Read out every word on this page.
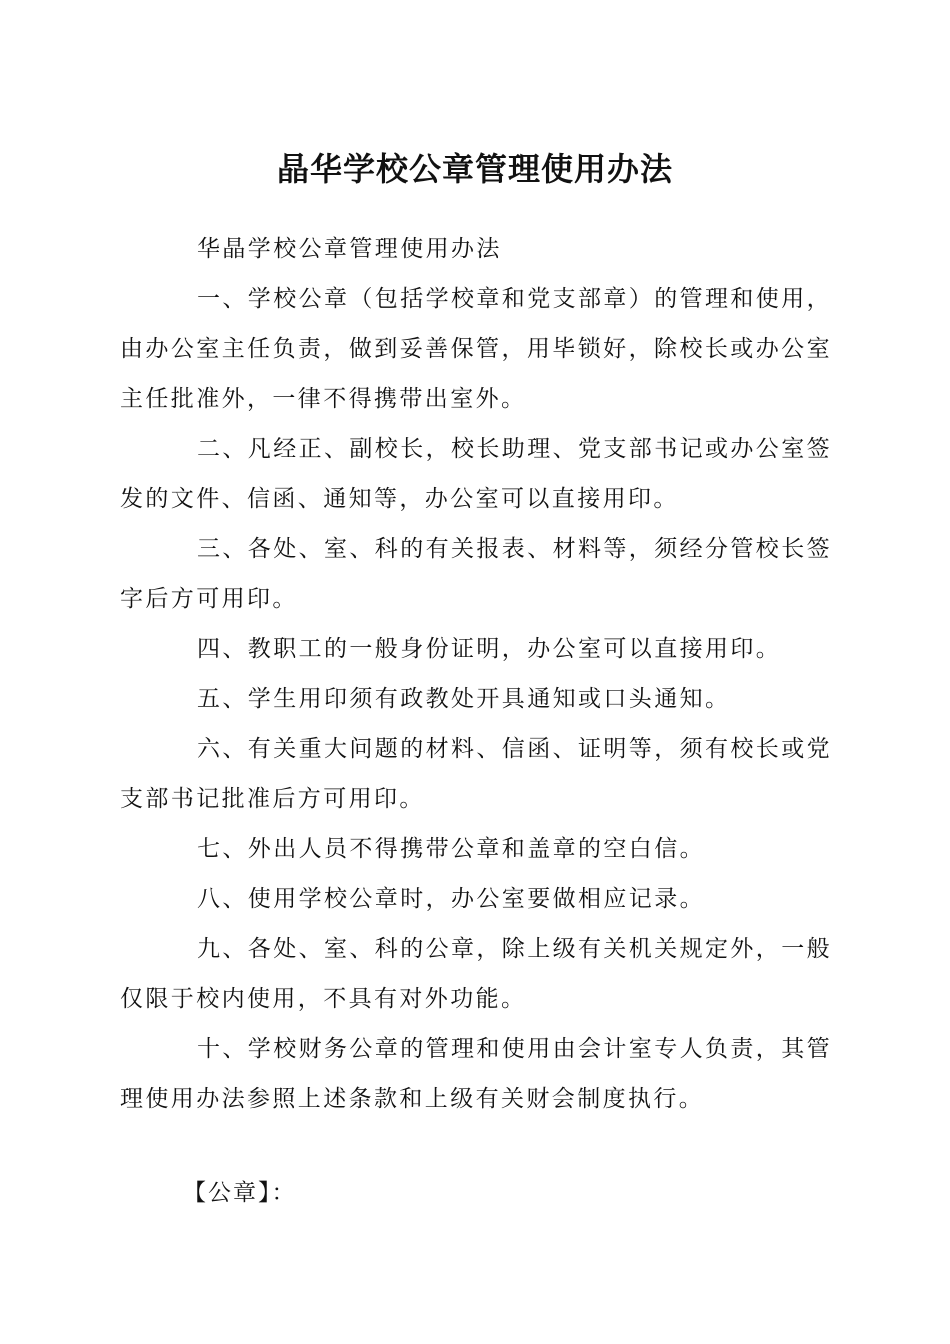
晶华学校公章管理使用办法

华晶学校公章管理使用办法

一、学校公章（包括学校章和党支部章）的管理和使用，由办公室主任负责，做到妥善保管，用毕锁好，除校长或办公室主任批准外，一律不得携带出室外。

二、凡经正、副校长，校长助理、党支部书记或办公室签发的文件、信函、通知等，办公室可以直接用印。

三、各处、室、科的有关报表、材料等，须经分管校长签字后方可用印。

四、教职工的一般身份证明，办公室可以直接用印。

五、学生用印须有政教处开具通知或口头通知。

六、有关重大问题的材料、信函、证明等，须有校长或党支部书记批准后方可用印。

七、外出人员不得携带公章和盖章的空白信。

八、使用学校公章时，办公室要做相应记录。

九、各处、室、科的公章，除上级有关机关规定外，一般仅限于校内使用，不具有对外功能。

十、学校财务公章的管理和使用由会计室专人负责，其管理使用办法参照上述条款和上级有关财会制度执行。

【公章】：
